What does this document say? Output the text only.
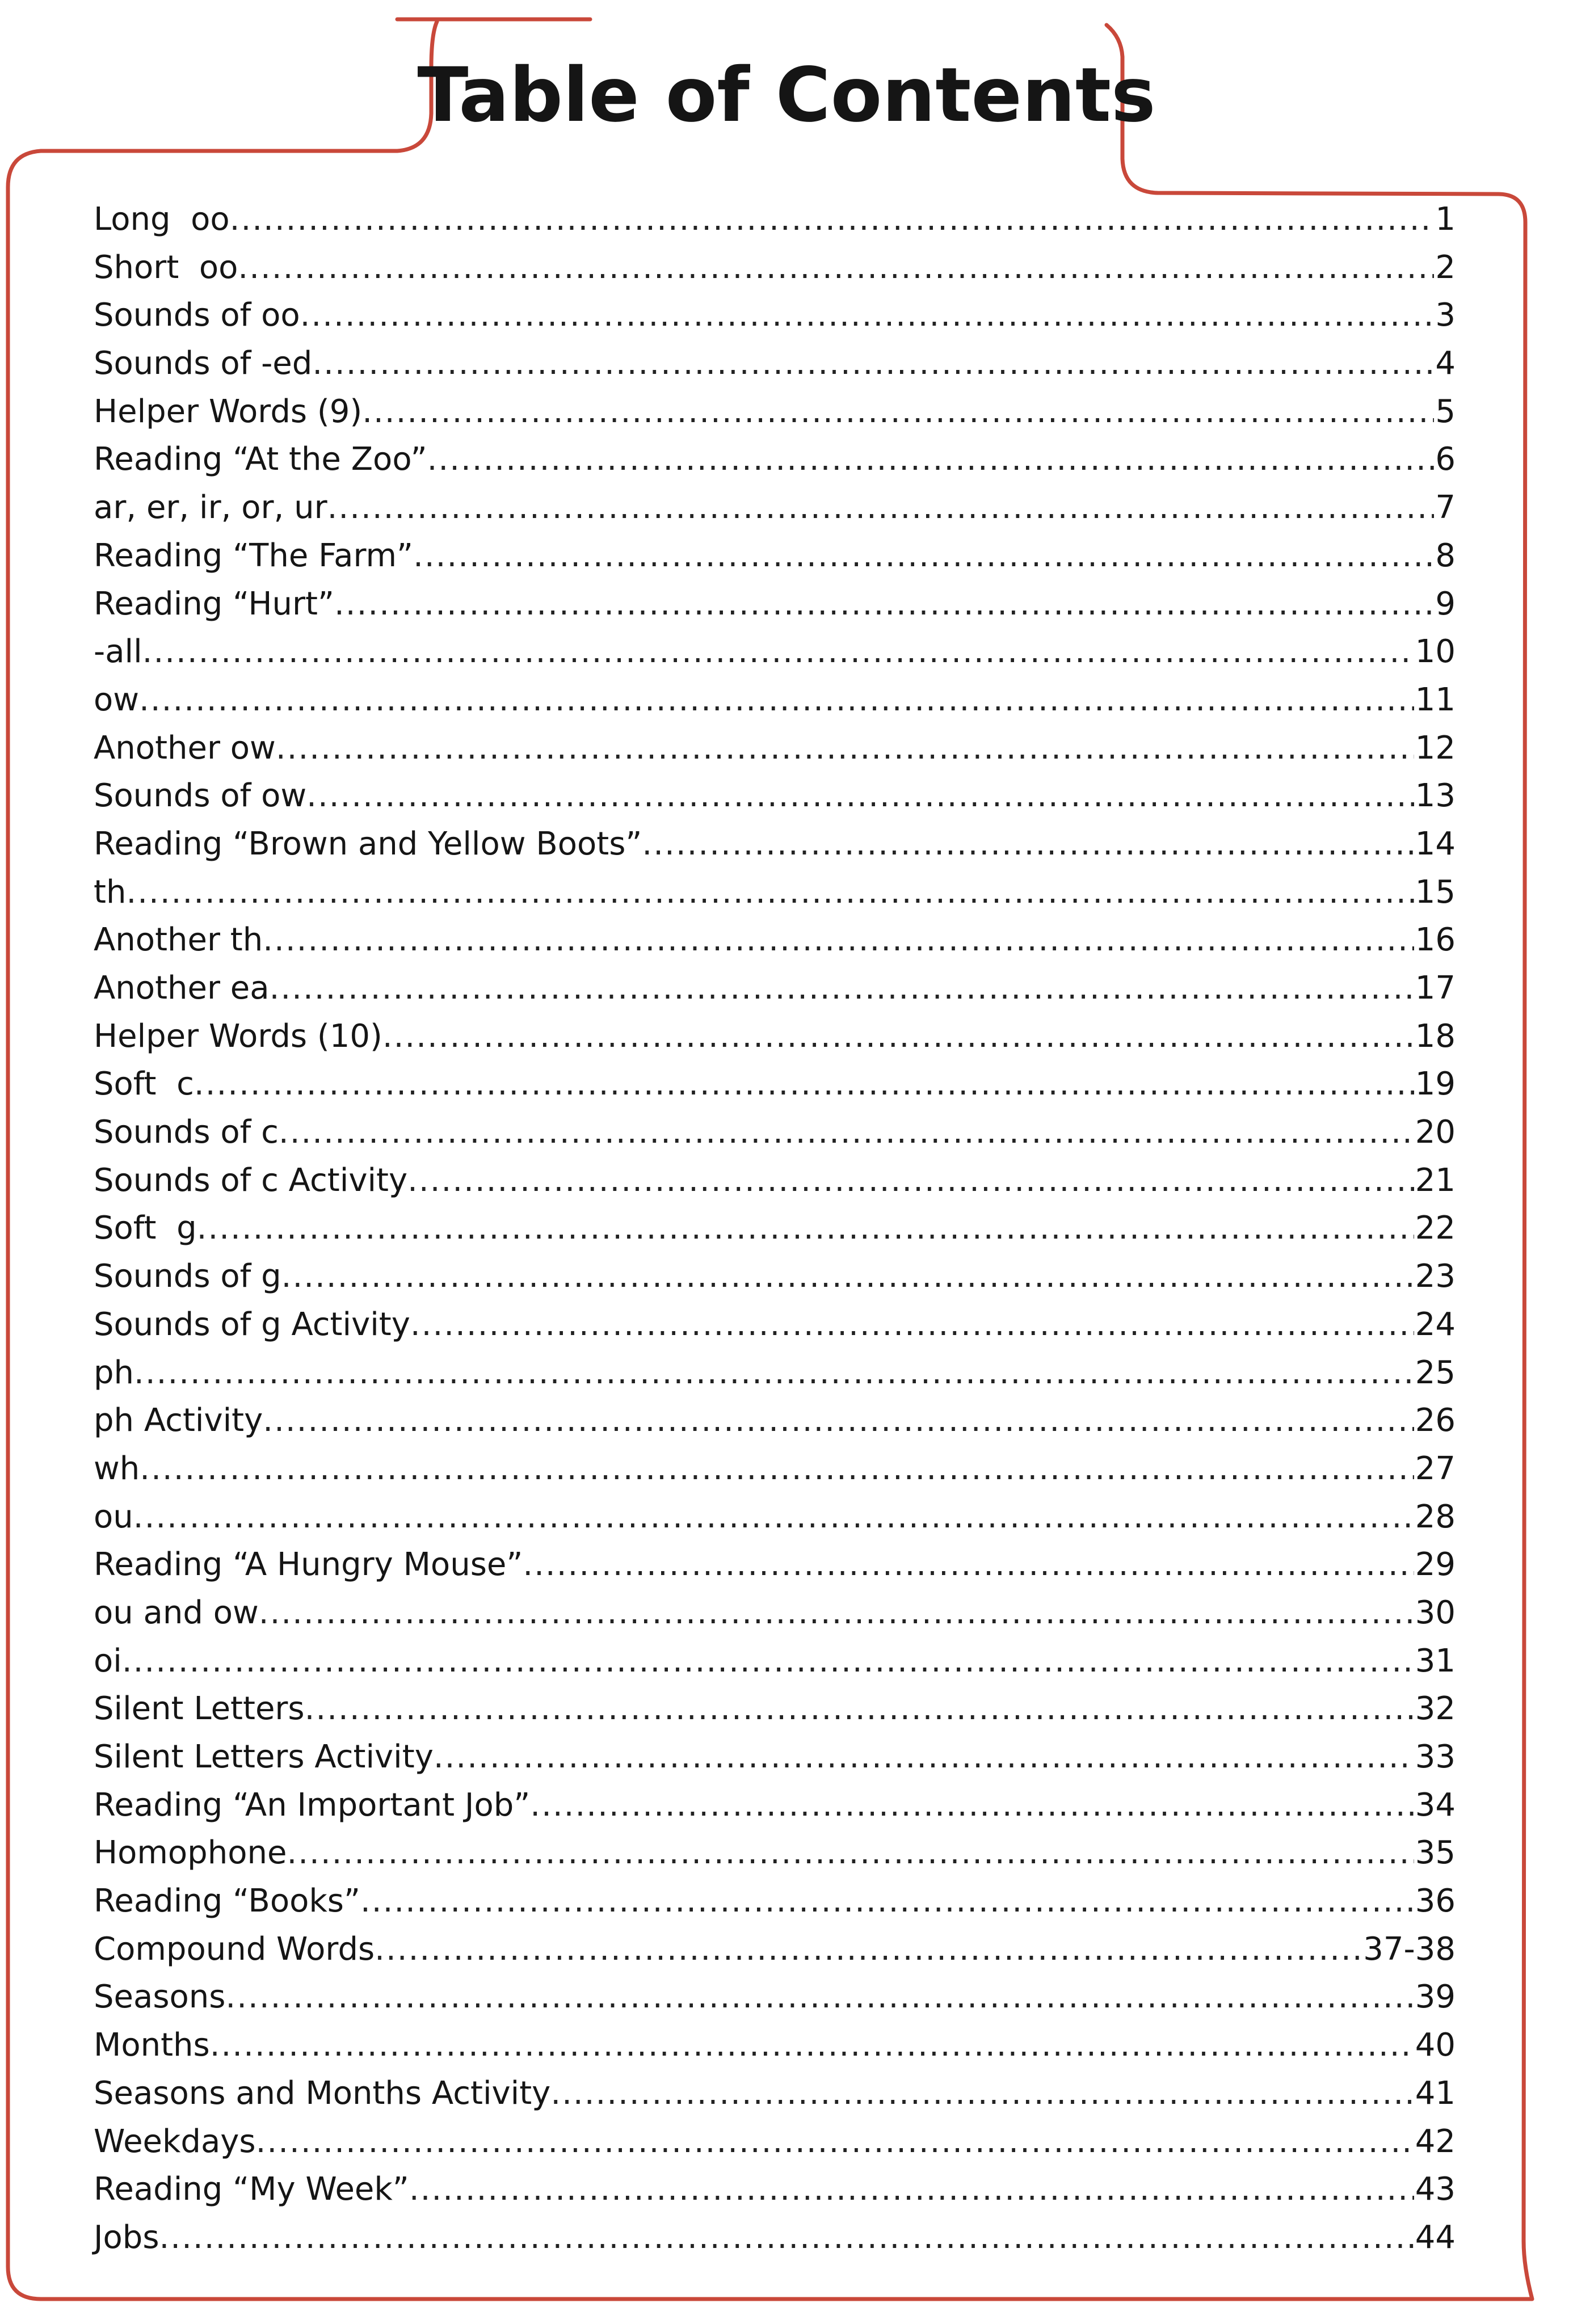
Table of Contents
Long  oo .....	1
Short  oo .....	2
Sounds of oo .....	3
Sounds of -ed .....	4
Helper Words (9) .....	5
Reading “At the Zoo” .....	6
ar, er, ir, or, ur .....	7
Reading “The Farm” .....	8
Reading “Hurt” .....	9
-all .....	10
ow .....	11
Another ow .....	12
Sounds of ow .....	13
Reading “Brown and Yellow Boots” .....	14
th .....	15
Another th .....	16
Another ea .....	17
Helper Words (10) .....	18
Soft  c .....	19
Sounds of c .....	20
Sounds of c Activity .....	21
Soft  g .....	22
Sounds of g .....	23
Sounds of g Activity .....	24
ph .....	25
ph Activity .....	26
wh .....	27
ou .....	28
Reading “A Hungry Mouse” .....	29
ou and ow .....	30
oi .....	31
Silent Letters .....	32
Silent Letters Activity .....	33
Reading “An Important Job” .....	34
Homophone .....	35
Reading “Books” .....	36
Compound Words .....	37-38
Seasons .....	39
Months .....	40
Seasons and Months Activity .....	41
Weekdays .....	42
Reading “My Week” .....	43
Jobs .....	44
